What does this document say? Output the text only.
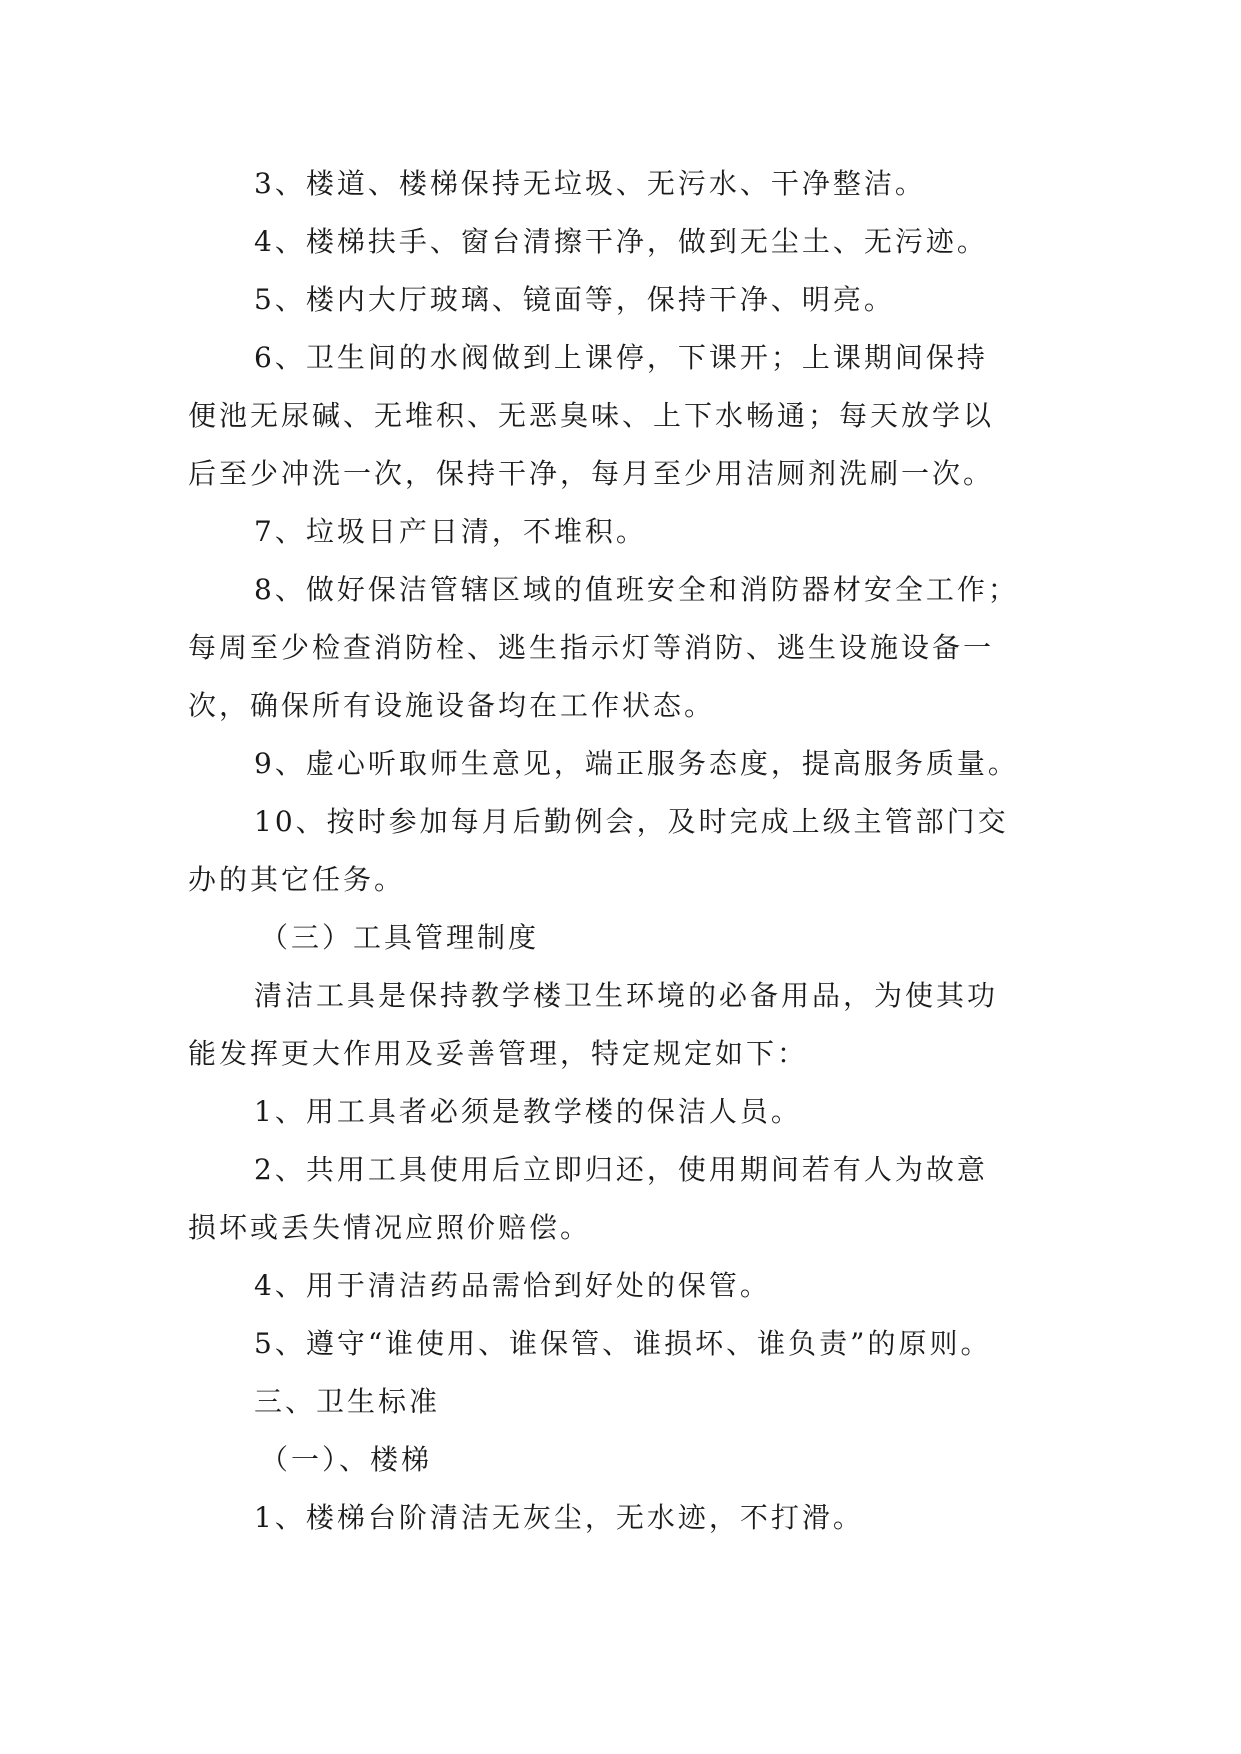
3、楼道、楼梯保持无垃圾、无污水、干净整洁。
4、楼梯扶手、窗台清擦干净，做到无尘土、无污迹。
5、楼内大厅玻璃、镜面等，保持干净、明亮。
6、卫生间的水阀做到上课停，下课开；上课期间保持
便池无尿碱、无堆积、无恶臭味、上下水畅通；每天放学以
后至少冲洗一次，保持干净，每月至少用洁厕剂洗刷一次。
7、垃圾日产日清，不堆积。
8、做好保洁管辖区域的值班安全和消防器材安全工作；
每周至少检查消防栓、逃生指示灯等消防、逃生设施设备一
次，确保所有设施设备均在工作状态。
9、虚心听取师生意见，端正服务态度，提高服务质量。
10、按时参加每月后勤例会，及时完成上级主管部门交
办的其它任务。
（三）工具管理制度
清洁工具是保持教学楼卫生环境的必备用品，为使其功
能发挥更大作用及妥善管理，特定规定如下：
1、用工具者必须是教学楼的保洁人员。
2、共用工具使用后立即归还，使用期间若有人为故意
损坏或丢失情况应照价赔偿。
4、用于清洁药品需恰到好处的保管。
5、遵守“谁使用、谁保管、谁损坏、谁负责”的原则。
三、卫生标准
（一）、楼梯
1、楼梯台阶清洁无灰尘，无水迹，不打滑。
